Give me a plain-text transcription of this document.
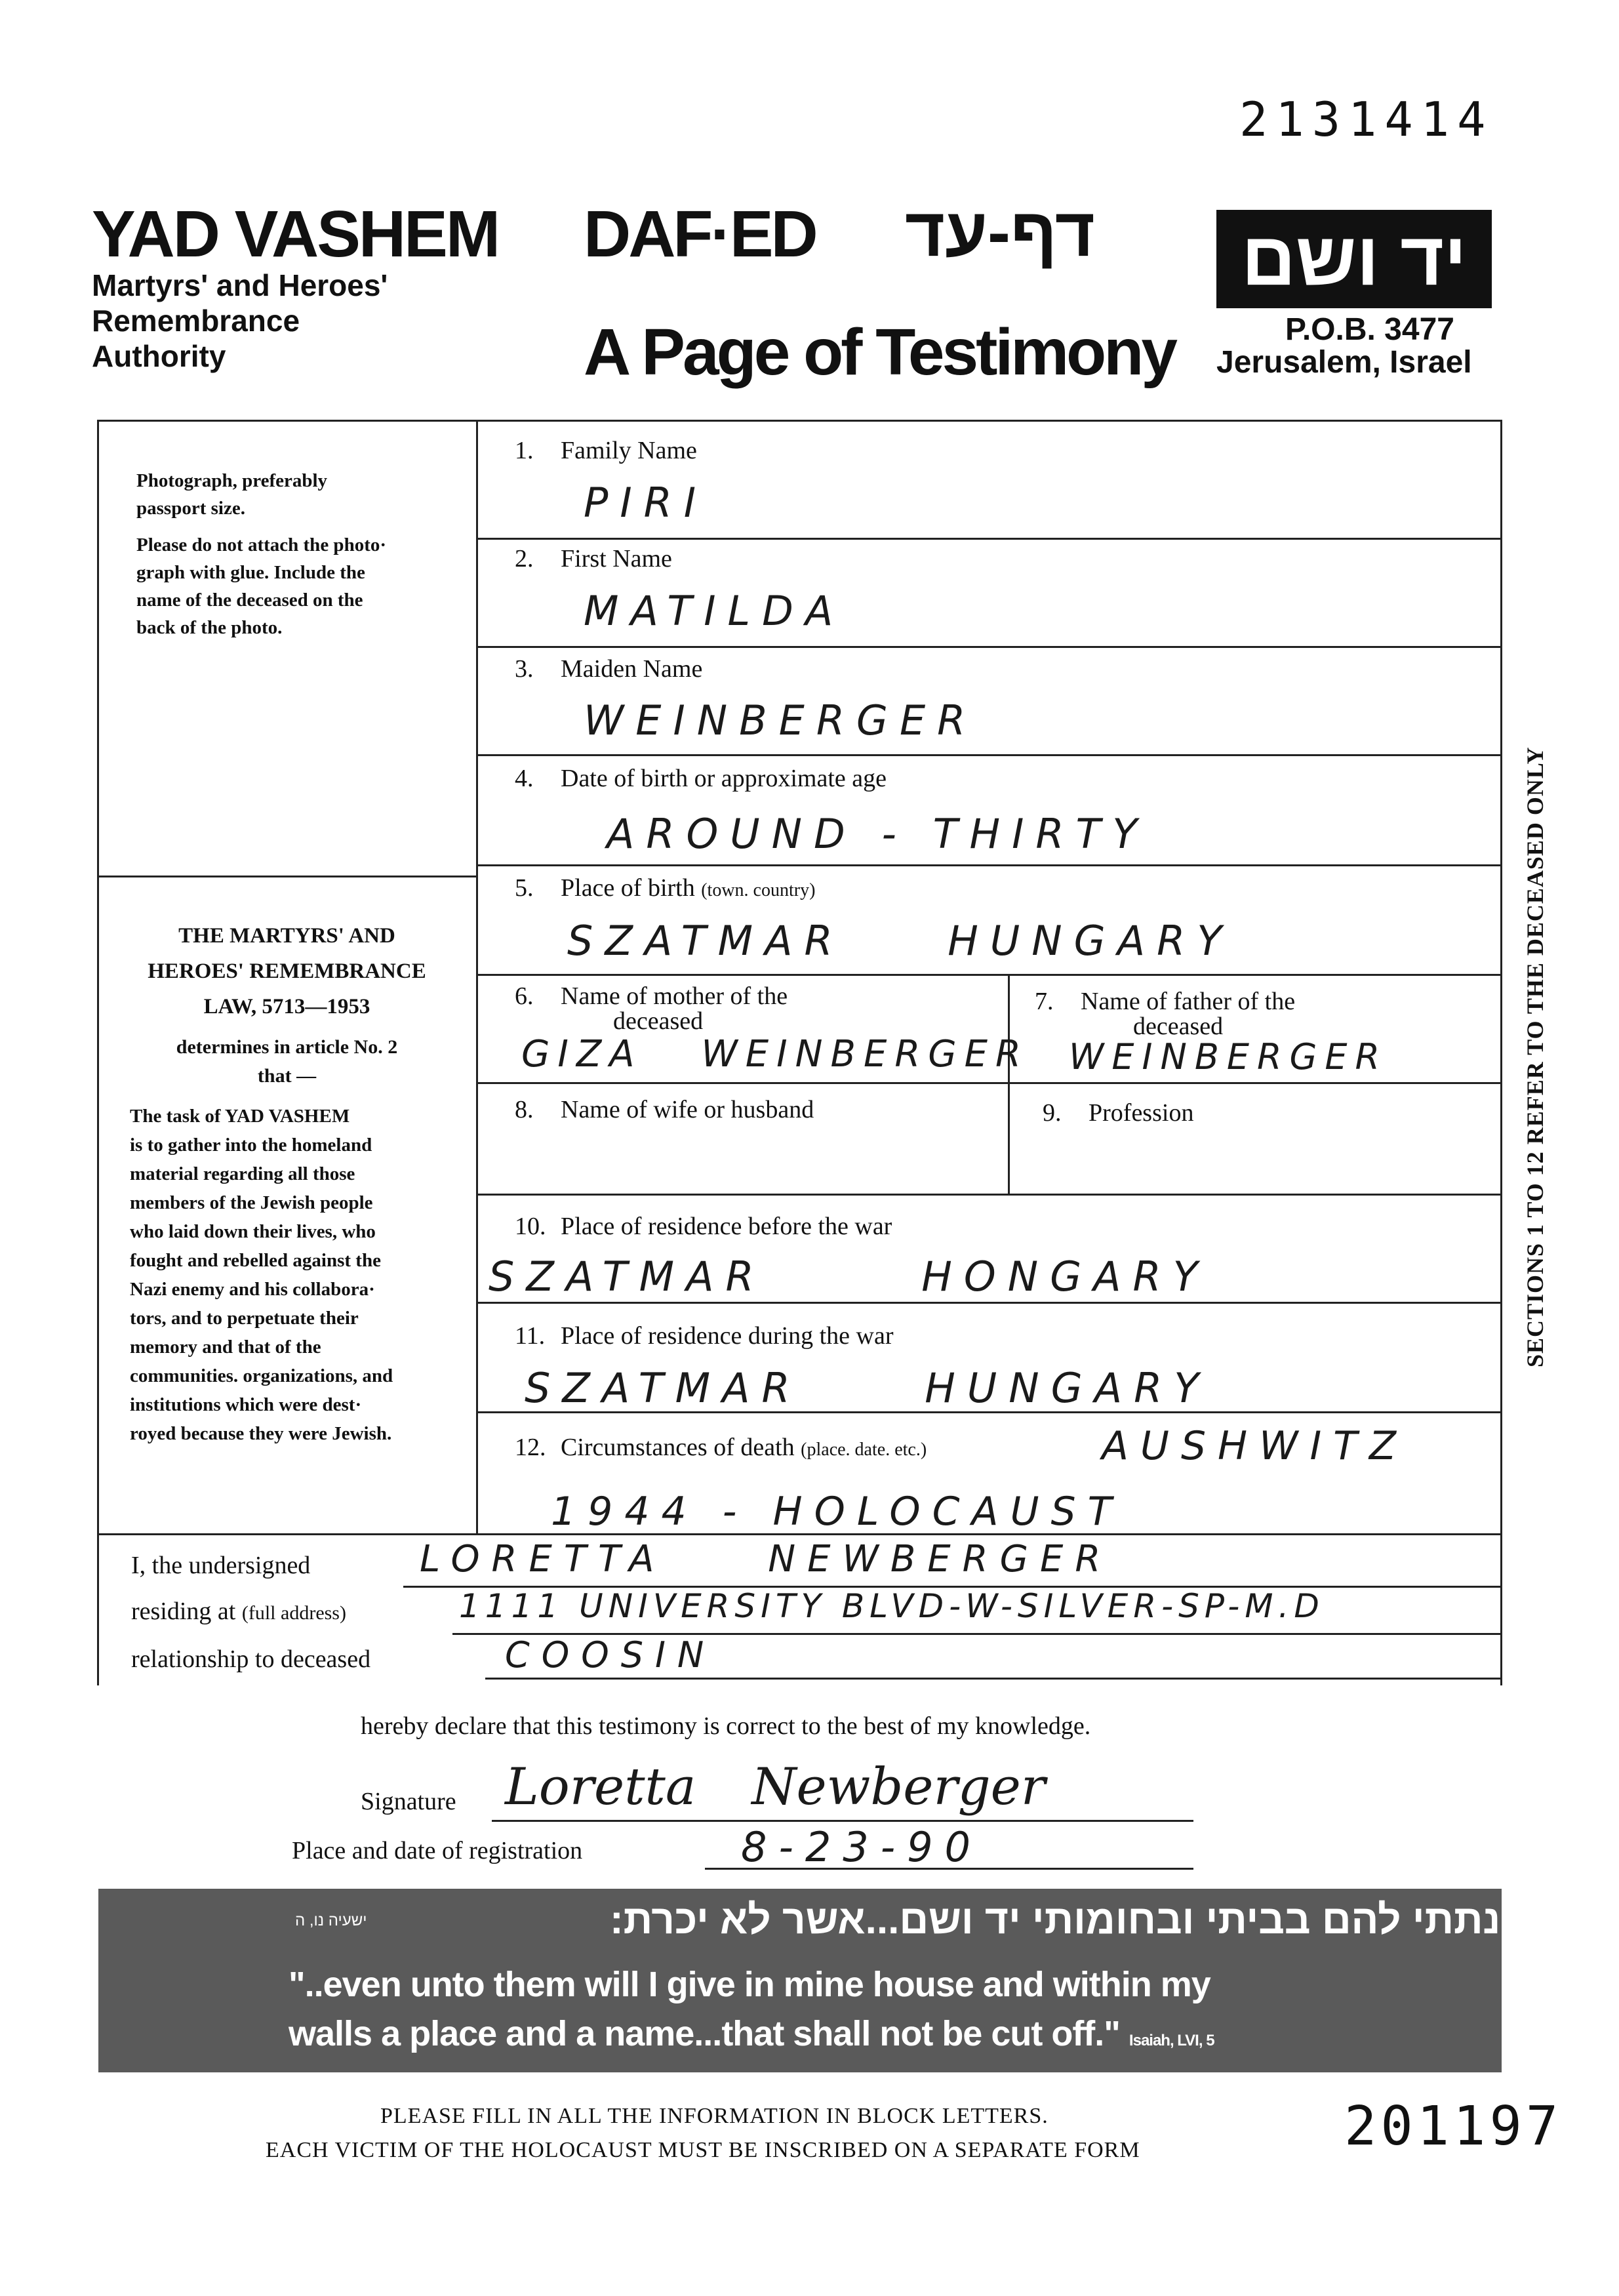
2131414
YAD VASHEM
Martyrs' and Heroes'
Remembrance
Authority
DAF·ED דף-עד
A Page of Testimony
יד ושם
P.O.B. 3477
Jerusalem, Israel
Photograph, preferably
passport size.
Please do not attach the photo·
graph with glue. Include the
name of the deceased on the
back of the photo.
THE MARTYRS' AND
HEROES' REMEMBRANCE
LAW, 5713—1953
determines in article No. 2
that —

The task of YAD VASHEM

is to gather into the homeland

material regarding all those

members of the Jewish people

who laid down their lives, who

fought and rebelled against the

Nazi enemy and his collabora·

tors, and to perpetuate their

memory and that of the

communities. organizations, and

institutions which were dest·

royed because they were Jewish.

1. Family Name
PIRI
2. First Name
MATILDA
3. Maiden Name
WEINBERGER
4. Date of birth or approximate age
AROUND - THIRTY
5. Place of birth (town. country)
SZATMAR HUNGARY
6. Name of mother of the
deceased
GIZA WEINBERGER
7. Name of father of the
deceased
WEINBERGER
8. Name of wife or husband	9. Profession
10. Place of residence before the war
SZATMAR HONGARY
11. Place of residence during the war
SZATMAR HUNGARY
12. Circumstances of death (place. date. etc.)	AUSHWITZ
1944 - HOLOCAUST
SECTIONS 1 TO 12 REFER TO THE DECEASED ONLY
I, the undersigned	LORETTA NEWBERGER
residing at (full address)	1111 UNIVERSITY BLVD-W-SILVER-SP-M.D
relationship to deceased	COOSIN
hereby declare that this testimony is correct to the best of my knowledge.
Signature Loretta Newberger
Place and date of registration	8-23-90
:..ונתתי להם בביתי ובחומותי יד ושם...אשר לא יכרת:
ישעיה נו, ה
"..even unto them will I give in mine house and within my
walls a place and a name...that shall not be cut off." Isaiah, LVI, 5
PLEASE FILL IN ALL THE INFORMATION IN BLOCK LETTERS.
EACH VICTIM OF THE HOLOCAUST MUST BE INSCRIBED ON A SEPARATE FORM	201197
